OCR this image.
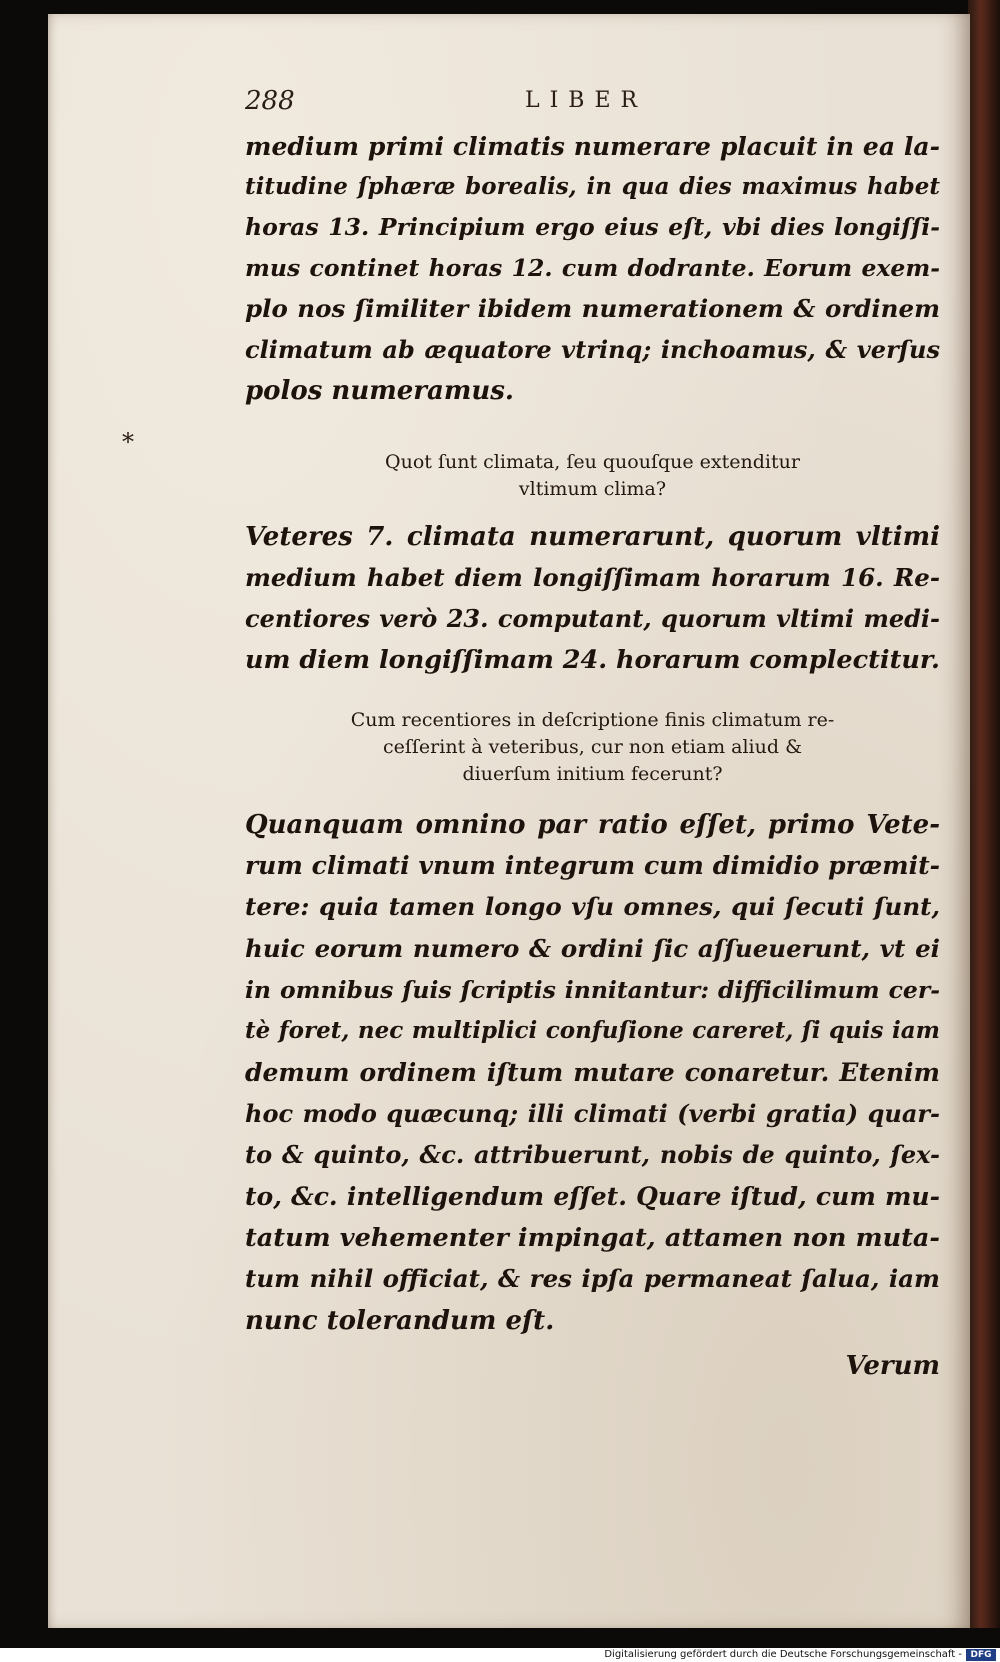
288	LIBER
medium primi climatis numerare placuit in ea la-
titudine ſphæræ borealis, in qua dies maximus habet
horas 13. Principium ergo eius eſt, vbi dies longiſſi-
mus continet horas 12. cum dodrante. Eorum exem-
plo nos ſimiliter ibidem numerationem & ordinem
climatum ab æquatore vtrinq; inchoamus, & verſus
polos numeramus.
*
Quot ſunt climata, ſeu quouſque extenditur
vltimum clima?
Veteres 7. climata numerarunt, quorum vltimi
medium habet diem longiſſimam horarum 16. Re-
centiores verò 23. computant, quorum vltimi medi-
um diem longiſſimam 24. horarum complectitur.
Cum recentiores in deſcriptione finis climatum re-
ceſſerint à veteribus, cur non etiam aliud &
diuerſum initium fecerunt?
Quanquam omnino par ratio eſſet, primo Vete-
rum climati vnum integrum cum dimidio præmit-
tere: quia tamen longo vſu omnes, qui ſecuti ſunt,
huic eorum numero & ordini ſic aſſueuerunt, vt ei
in omnibus ſuis ſcriptis innitantur: difficilimum cer-
tè foret, nec multiplici confuſione careret, ſi quis iam
demum ordinem iſtum mutare conaretur. Etenim
hoc modo quæcunq; illi climati (verbi gratia) quar-
to & quinto, &c. attribuerunt, nobis de quinto, ſex-
to, &c. intelligendum eſſet. Quare iſtud, cum mu-
tatum vehementer impingat, attamen non muta-
tum nihil officiat, & res ipſa permaneat ſalua, iam
nunc tolerandum eſt.
Verum
Digitalisierung gefördert durch die Deutsche Forschungsgemeinschaft - DFG
